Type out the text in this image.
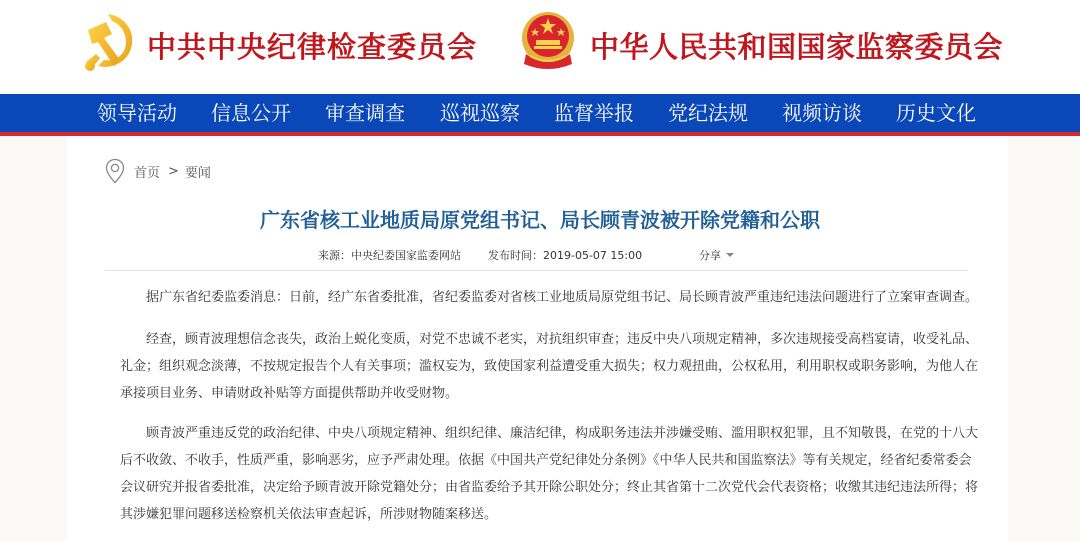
中共中央纪律检查委员会	中华人民共和国国家监察委员会
领导活动 信息公开 审查调查 巡视巡察 监督举报 党纪法规 视频访谈 历史文化
首页 > 要闻
广东省核工业地质局原党组书记、局长顾青波被开除党籍和公职
来源：中央纪委国家监委网站 发布时间：2019-05-07 15:00	分享
据广东省纪委监委消息：日前，经广东省委批准，省纪委监委对省核工业地质局原党组书记、局长顾青波严重违纪违法问题进行了立案审查调查。
经查，顾青波理想信念丧失，政治上蜕化变质，对党不忠诚不老实，对抗组织审查；违反中央八项规定精神，多次违规接受高档宴请，收受礼品、
礼金；组织观念淡薄，不按规定报告个人有关事项；滥权妄为，致使国家利益遭受重大损失；权力观扭曲，公权私用，利用职权或职务影响，为他人在
承接项目业务、申请财政补贴等方面提供帮助并收受财物。
顾青波严重违反党的政治纪律、中央八项规定精神、组织纪律、廉洁纪律，构成职务违法并涉嫌受贿、滥用职权犯罪，且不知敬畏，在党的十八大
后不收敛、不收手，性质严重，影响恶劣，应予严肃处理。依据《中国共产党纪律处分条例》《中华人民共和国监察法》等有关规定，经省纪委常委会
会议研究并报省委批准，决定给予顾青波开除党籍处分；由省监委给予其开除公职处分；终止其省第十二次党代会代表资格；收缴其违纪违法所得；将
其涉嫌犯罪问题移送检察机关依法审查起诉，所涉财物随案移送。
